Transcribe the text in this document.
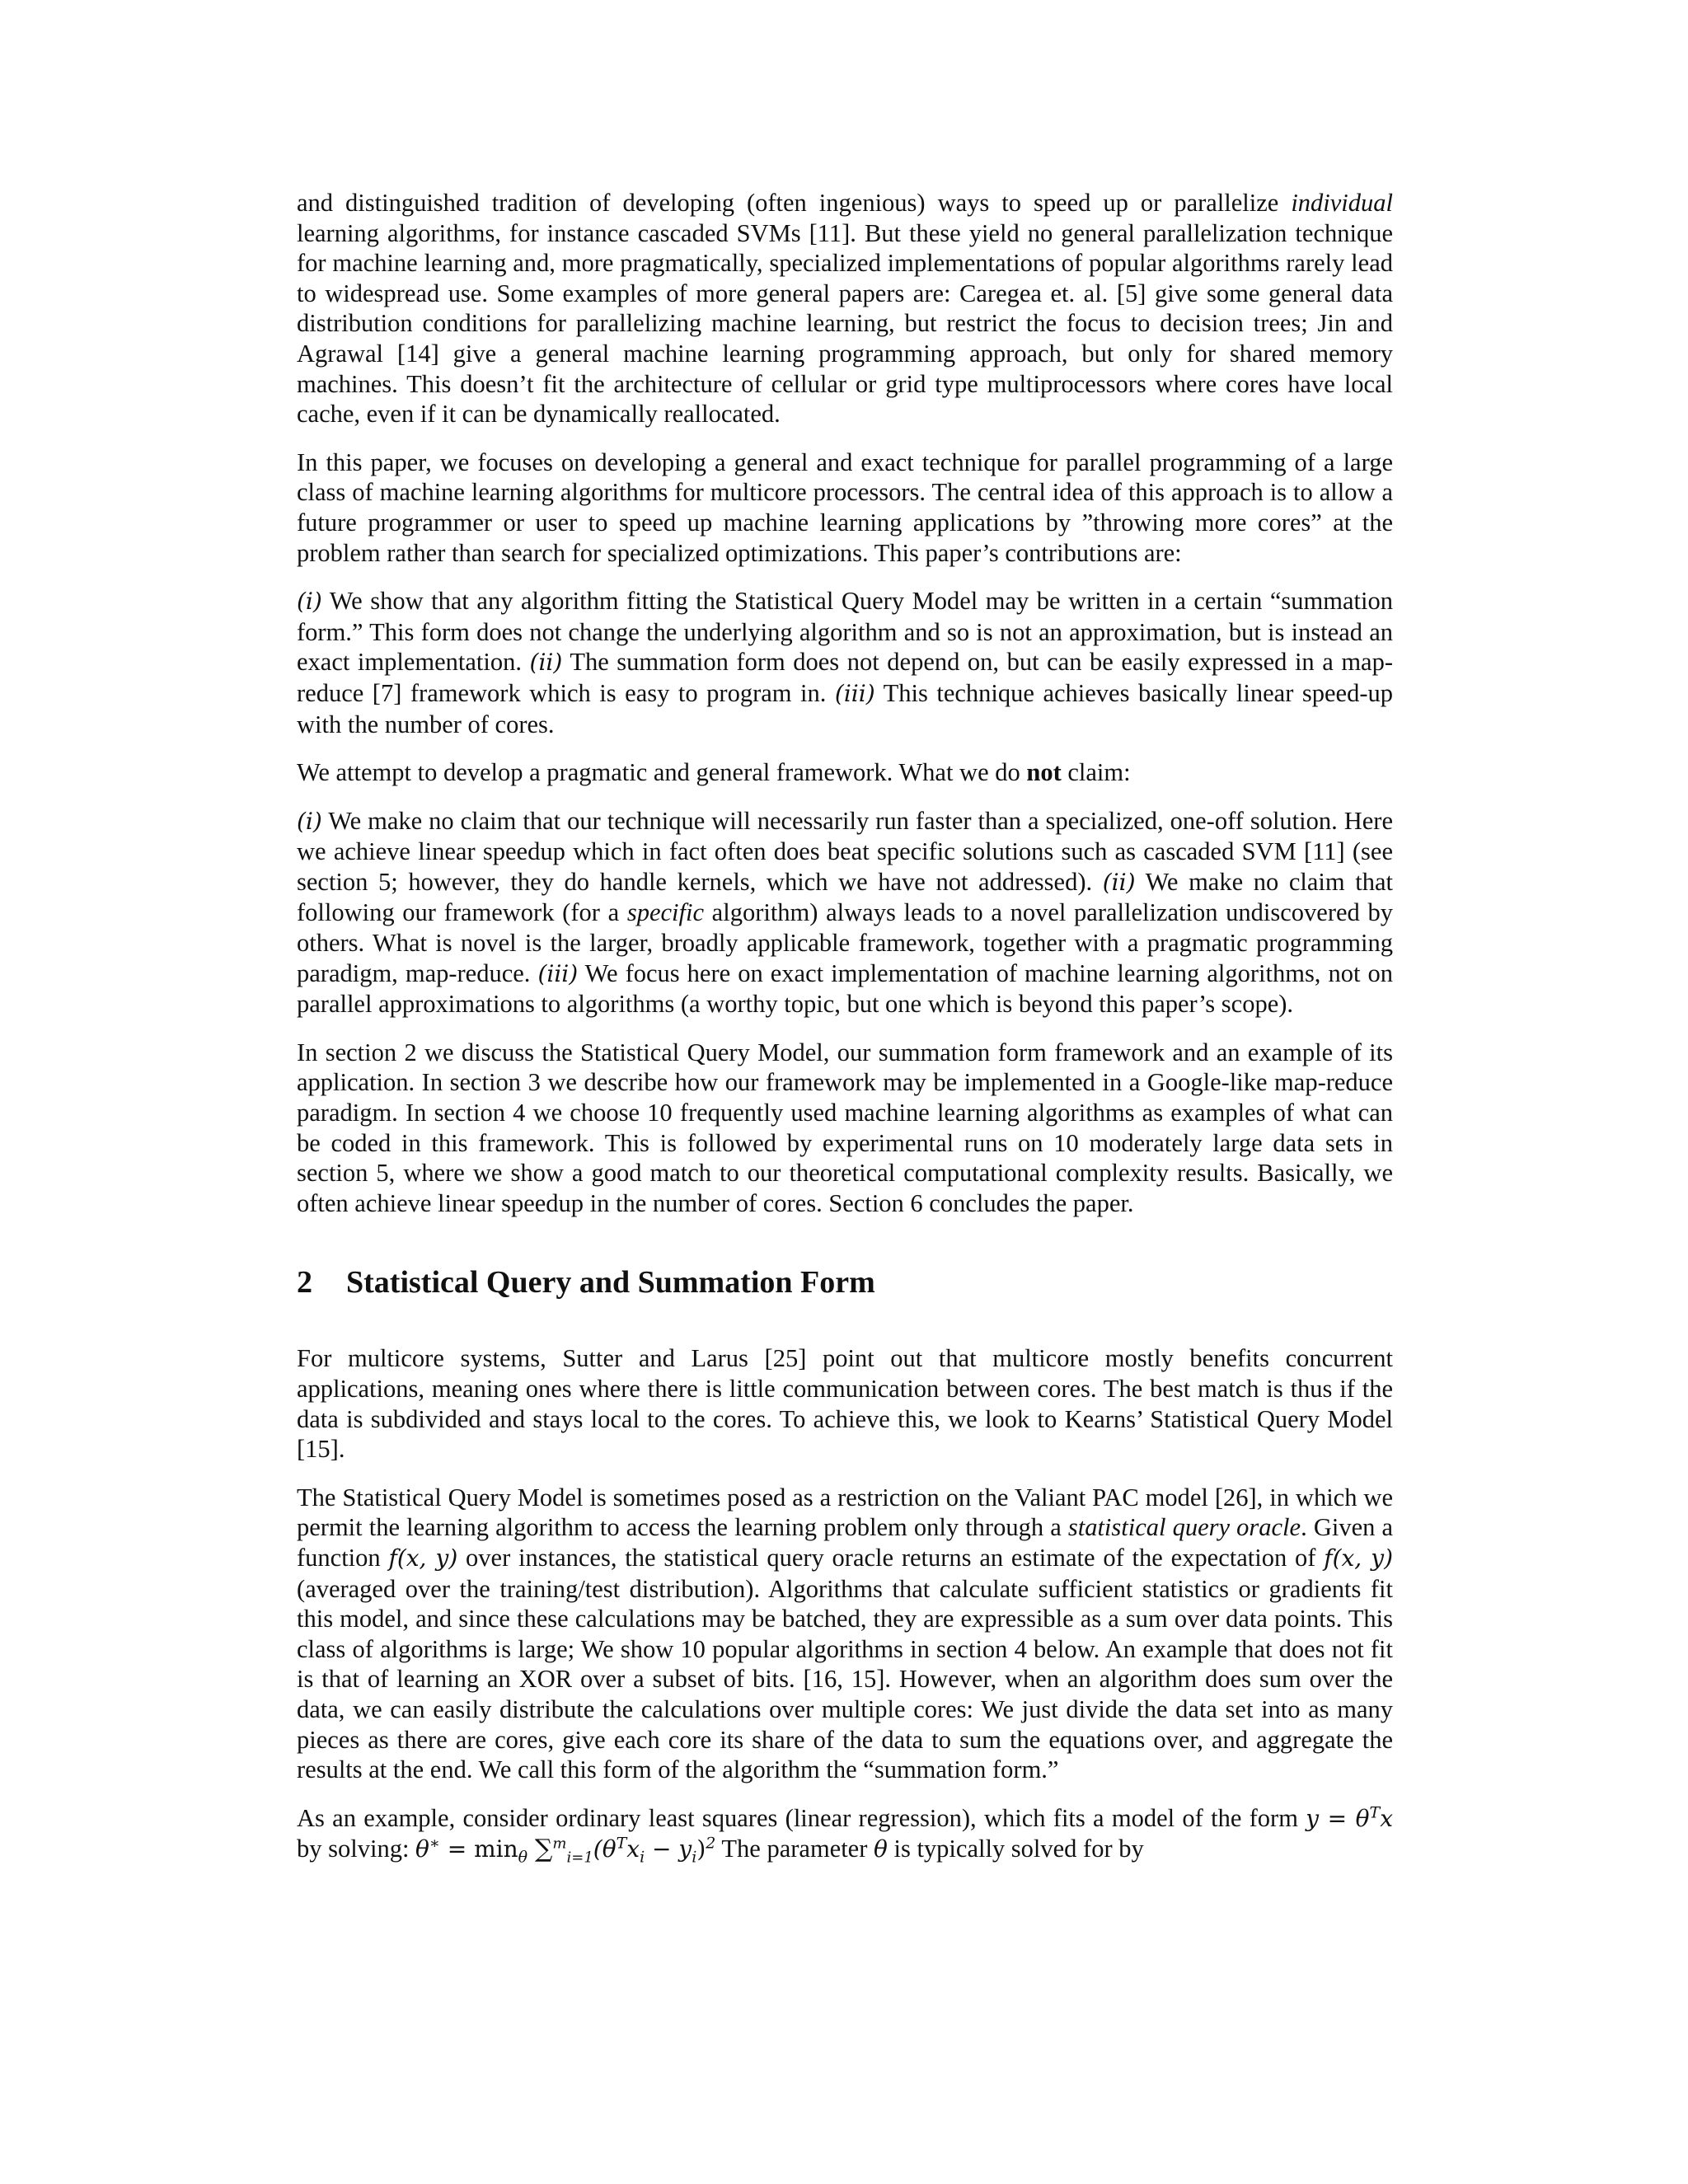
and distinguished tradition of developing (often ingenious) ways to speed up or parallelize individual learning algorithms, for instance cascaded SVMs [11]. But these yield no general parallelization technique for machine learning and, more pragmatically, specialized implementations of popular algorithms rarely lead to widespread use. Some examples of more general papers are: Caregea et. al. [5] give some general data distribution conditions for parallelizing machine learning, but restrict the focus to decision trees; Jin and Agrawal [14] give a general machine learning programming approach, but only for shared memory machines. This doesn’t fit the architecture of cellular or grid type multiprocessors where cores have local cache, even if it can be dynamically reallocated.

In this paper, we focuses on developing a general and exact technique for parallel programming of a large class of machine learning algorithms for multicore processors. The central idea of this approach is to allow a future programmer or user to speed up machine learning applications by ”throwing more cores” at the problem rather than search for specialized optimizations. This paper’s contributions are:

(i) We show that any algorithm fitting the Statistical Query Model may be written in a certain “summation form.” This form does not change the underlying algorithm and so is not an approximation, but is instead an exact implementation. (ii) The summation form does not depend on, but can be easily expressed in a map-reduce [7] framework which is easy to program in. (iii) This technique achieves basically linear speed-up with the number of cores.

We attempt to develop a pragmatic and general framework. What we do not claim:

(i) We make no claim that our technique will necessarily run faster than a specialized, one-off solution. Here we achieve linear speedup which in fact often does beat specific solutions such as cascaded SVM [11] (see section 5; however, they do handle kernels, which we have not addressed). (ii) We make no claim that following our framework (for a specific algorithm) always leads to a novel parallelization undiscovered by others. What is novel is the larger, broadly applicable framework, together with a pragmatic programming paradigm, map-reduce. (iii) We focus here on exact implementation of machine learning algorithms, not on parallel approximations to algorithms (a worthy topic, but one which is beyond this paper’s scope).

In section 2 we discuss the Statistical Query Model, our summation form framework and an example of its application. In section 3 we describe how our framework may be implemented in a Google-like map-reduce paradigm. In section 4 we choose 10 frequently used machine learning algorithms as examples of what can be coded in this framework. This is followed by experimental runs on 10 moderately large data sets in section 5, where we show a good match to our theoretical computational complexity results. Basically, we often achieve linear speedup in the number of cores. Section 6 concludes the paper.

2 Statistical Query and Summation Form

For multicore systems, Sutter and Larus [25] point out that multicore mostly benefits concurrent applications, meaning ones where there is little communication between cores. The best match is thus if the data is subdivided and stays local to the cores. To achieve this, we look to Kearns’ Statistical Query Model [15].

The Statistical Query Model is sometimes posed as a restriction on the Valiant PAC model [26], in which we permit the learning algorithm to access the learning problem only through a statistical query oracle. Given a function f(x, y) over instances, the statistical query oracle returns an estimate of the expectation of f(x, y) (averaged over the training/test distribution). Algorithms that calculate sufficient statistics or gradients fit this model, and since these calculations may be batched, they are expressible as a sum over data points. This class of algorithms is large; We show 10 popular algorithms in section 4 below. An example that does not fit is that of learning an XOR over a subset of bits. [16, 15]. However, when an algorithm does sum over the data, we can easily distribute the calculations over multiple cores: We just divide the data set into as many pieces as there are cores, give each core its share of the data to sum the equations over, and aggregate the results at the end. We call this form of the algorithm the “summation form.”

As an example, consider ordinary least squares (linear regression), which fits a model of the form $y = \theta^Tx$ by solving: $\theta^∗ = \min_\theta \sum^m_{i=1}(\theta^Tx_i - y_i)^2$ The parameter θ is typically solved for by
